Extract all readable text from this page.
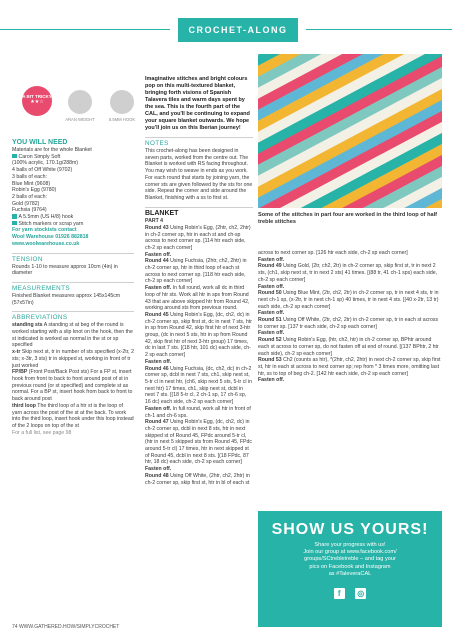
CROCHET-ALONG
A BIT TRICKY
★★☆
ARAN WEIGHT	5.5MM HOOK
YOU WILL NEED

Materials are for the whole Blanket

Caron Simply Soft

(100% acrylic, 170.1g/288m)

4 balls of Off White (9702)

3 balls of each:

Blue Mint (9608)

Robin's Egg (9780)

2 balls of each:

Gold (9782)

Fuchsia (9764)

A 5.5mm (US H/8) hook

Stitch markers or scrap yarn

For yarn stockists contact

Wool Warehouse 01926 882818

www.woolwarehouse.co.uk

TENSION

Rounds 1-10 to measure approx 10cm (4in) in diameter

MEASUREMENTS

Finished Blanket measures approx 145x145cm (57x57in)

ABBREVIATIONS

standing sts A standing st at beg of the round is worked starting with a slip knot on the hook, then the st indicated is worked as normal in the st or sp specified

x-tr Skip next st, tr in number of sts specified (x-2tr, 2 sts; x-3tr, 3 sts) tr in skipped st, working in front of tr just worked

FP/BP (Front Post/Back Post sts) For a FP st, insert hook from front to back to front around post of st in previous round (or st specified) and complete st as normal. For a BP st, insert hook from back to front to back around post

third loop The third loop of a htr st is the loop of yarn across the post of the st at the back. To work into the third loop, insert hook under this loop instead of the 2 loops on top of the st

For a full list, see page 98

Imaginative stitches and bright colours pop on this multi-textured blanket, bringing forth visions of Spanish Talavera tiles and warm days spent by the sea. This is the fourth part of the CAL, and you'll be continuing to expand your square blanket outwards. We hope you'll join us on this Iberian journey!

NOTES

This crochet-along has been designed in seven parts, worked from the centre out. The Blanket is worked with RS facing throughout. You may wish to weave in ends as you work. For each round that starts by joining yarn, the corner sts are given followed by the sts for one side. Repeat the corner and side around the Blanket, finishing with a ss to first st.

BLANKET

PART 4

Round 43 Using Robin's Egg, (2htr, ch2, 2htr) in ch-2 corner sp, htr in each st and ch-sp across to next corner sp. [114 htr each side, ch-2 sp each corner]

Fasten off.

Round 44 Using Fuchsia, (2htr, ch2, 2htr) in ch-2 corner sp, htr in third loop of each st across to next corner sp. [118 htr each side, ch-2 sp each corner]

Fasten off. In full round, work all dc in third loop of htr sts. Work all htr in sps from Round 43 that are above skipped htr from Round 42, working around sts from previous round.

Round 45 Using Robin's Egg, (dc, ch2, dc) in ch-2 corner sp, skip first st, dc in next 7 sts, htr in sp from Round 42, skip first htr of next 3-htr group, (dc in next 5 sts, htr in sp from Round 42, skip first htr of next 3-htr group) 17 times, dc in last 7 sts. [(18 htr, 101 dc) each side, ch-2 sp each corner]

Fasten off.

Round 46 Using Fuchsia, (dc, ch2, dc) in ch-2 corner sp, dcbl in next 7 sts, ch1, skip next st, 5-tr cl in next htr, (ch6, skip next 5 sts, 5-tr cl in next htr) 17 times, ch1, skip next st, dcbl in next 7 sts. [(18 5-tr cl, 2 ch-1 sp, 17 ch-6 sp, 16 dc) each side, ch-2 sp each corner]

Fasten off. In full round, work all htr in front of ch-1 and ch-6 sps.

Round 47 Using Robin's Egg, (dc, ch2, dc) in ch-2 corner sp, dcbl in next 8 sts, htr in next skipped st of Round 45, FPdc around 5-tr cl, (htr in next 5 skipped sts from Round 45, FPdc around 5-tr cl) 17 times, htr in next skipped st of Round 45, dcbl in next 8 sts. [(18 FPdc, 87 htr, 18 dc) each side, ch-2 sp each corner]

Fasten off.

Round 48 Using Off White, (2htr, ch2, 2htr) in ch-2 corner sp, skip first st, htr in bl of each st

Some of the stitches in part four are worked in the third loop of half treble stitches

across to next corner sp. [126 htr each side, ch-2 sp each corner]

Fasten off.

Round 49 Using Gold, (2tr, ch2, 2tr) in ch-2 corner sp, skip first st, tr in next 2 sts, (ch1, skip next st, tr in next 2 sts) 41 times. [(88 tr, 41 ch-1 sps) each side, ch-2 sp each corner]

Fasten off.

Round 50 Using Blue Mint, (2tr, ch2, 2tr) in ch-2 corner sp, tr in next 4 sts, tr in next ch-1 sp, (x-2tr, tr in next ch-1 sp) 40 times, tr in next 4 sts. [(40 x-2tr, 13 tr) each side, ch-2 sp each corner]

Fasten off.

Round 51 Using Off White, (2tr, ch2, 2tr) in ch-2 corner sp, tr in each st across to corner sp. [137 tr each side, ch-2 sp each corner]

Fasten off.

Round 52 Using Robin's Egg, (htr, ch2, htr) in ch-2 corner sp, BPhtr around each st across to corner sp, do not fasten off at end of round. [(137 BPhtr, 2 htr each side), ch-2 sp each corner]

Round 53 Ch2 (counts as htr), *(2htr, ch2, 2htr) in next ch-2 corner sp, skip first st, htr in each st across to next corner sp; rep from * 3 times more, omitting last htr, ss to top of beg ch-2. [142 htr each side, ch-2 sp each corner]

Fasten off.

SHOW US YOURS!

Share your progress with us!

Join our group at www.facebook.com/

groups/SCtrebletreble – and tag your

pics on Facebook and Instagram

as #TaleveraCAL

f ◎
74 WWW.GATHERED.HOW/SIMPLYCROCHET
